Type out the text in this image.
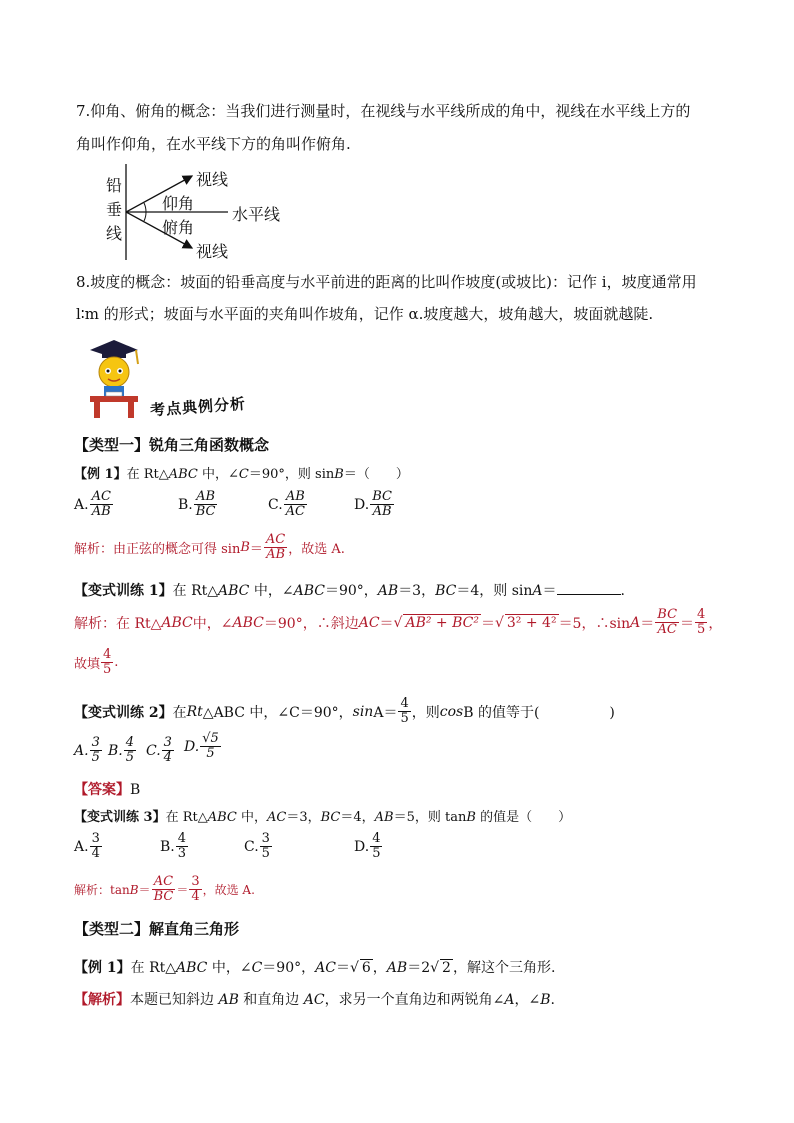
7.仰角、俯角的概念：当我们进行测量时，在视线与水平线所成的角中，视线在水平线上方的
角叫作仰角，在水平线下方的角叫作俯角.
铅
垂
线
视线
仰角
水平线
俯角
视线
8.坡度的概念：坡面的铅垂高度与水平前进的距离的比叫作坡度(或坡比)：记作 i，坡度通常用
l∶m 的形式；坡面与水平面的夹角叫作坡角，记作 α.坡度越大，坡角越大，坡面就越陡.
考点典例分析
【类型一】锐角三角函数概念
【例 1】在 Rt△ABC 中，∠C＝90°，则 sinB＝（　　）
A. $\frac{AC}{AB}$	B. $\frac{AB}{BC}$	C. $\frac{AB}{AC}$	D. $\frac{BC}{AB}$
解析：由正弦的概念可得 $\sin B = \frac{AC}{AB}$ ，故选 A.
【变式训练 1】在 Rt△ABC 中，∠ABC＝90°，AB＝3，BC＝4，则 sinA＝	.
解析：在 Rt△ ABC 中，∠ ABC ＝90°，∴斜边 AC ＝ √ AB² + BC² ＝ √ 3² + 4² ＝5，∴sin $A = \frac{BC}{AC} = \frac{4}{5}$ ，
故填 $\frac{4}{5}$ .
【变式训练 2】 在 Rt △ABC 中，∠C＝90°， $\sin A= \frac{4}{5}$ ，则 cos B 的值等于(　　　　　)
A. $\frac{3}{5} B$. $\frac{4}{5} C$. $\frac{3}{4} D$. $\frac{√5}{5}$
【答案】B
【变式训练 3】在 Rt△ABC 中，AC＝3，BC＝4，AB＝5，则 tanB 的值是（　　）
A. $\frac{3}{4}$	B. $\frac{4}{3}$	C. $\frac{3}{5}$	D. $\frac{4}{5}$
解析：$\tan B = \frac{AC}{BC} = \frac{3}{4}$ ，故选 A.
【类型二】解直角三角形
【例 1】在 Rt△ABC 中，∠C＝90°，AC＝√ 6 ，AB＝2√ 2 ，解这个三角形.
【解析】本题已知斜边 AB 和直角边 AC，求另一个直角边和两锐角∠A，∠B.
